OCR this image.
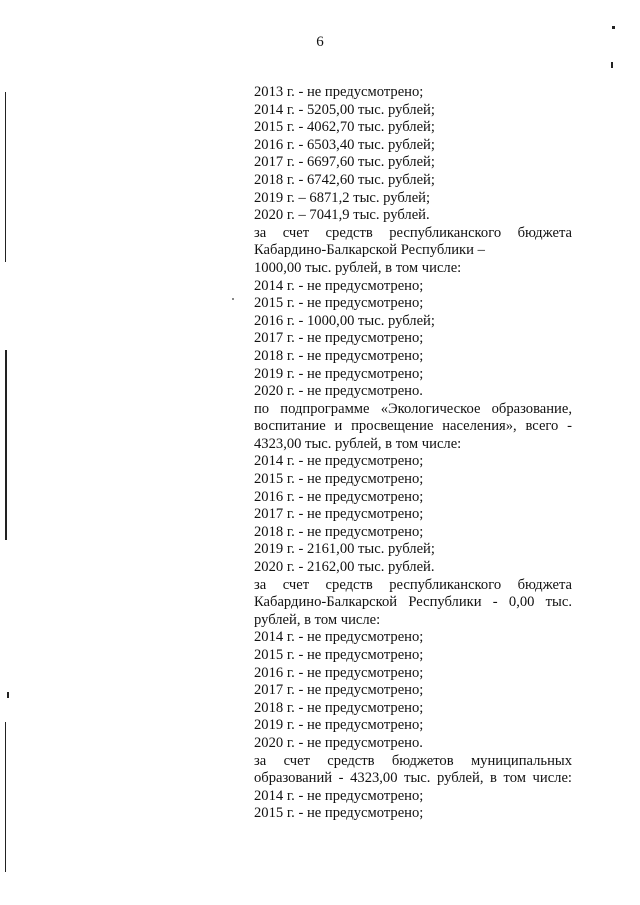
6
2013 г. - не предусмотрено;
2014 г. - 5205,00 тыс. рублей;
2015 г. - 4062,70 тыс. рублей;
2016 г. - 6503,40 тыс. рублей;
2017 г. - 6697,60 тыс. рублей;
2018 г. - 6742,60 тыс. рублей;
2019 г. – 6871,2 тыс. рублей;
2020 г. – 7041,9 тыс. рублей.
за счет средств республиканского бюджета
Кабардино-Балкарской Республики –
1000,00 тыс. рублей, в том числе:
2014 г. - не предусмотрено;
2015 г. - не предусмотрено;
2016 г. - 1000,00 тыс. рублей;
2017 г. - не предусмотрено;
2018 г. - не предусмотрено;
2019 г. - не предусмотрено;
2020 г. - не предусмотрено.
по подпрограмме «Экологическое образование,
воспитание и просвещение населения», всего -
4323,00 тыс. рублей, в том числе:
2014 г. - не предусмотрено;
2015 г. - не предусмотрено;
2016 г. - не предусмотрено;
2017 г. - не предусмотрено;
2018 г. - не предусмотрено;
2019 г. - 2161,00 тыс. рублей;
2020 г. - 2162,00 тыс. рублей.
за счет средств республиканского бюджета
Кабардино-Балкарской Республики - 0,00 тыс.
рублей, в том числе:
2014 г. - не предусмотрено;
2015 г. - не предусмотрено;
2016 г. - не предусмотрено;
2017 г. - не предусмотрено;
2018 г. - не предусмотрено;
2019 г. - не предусмотрено;
2020 г. - не предусмотрено.
за счет средств бюджетов муниципальных
образований - 4323,00 тыс. рублей, в том числе:
2014 г. - не предусмотрено;
2015 г. - не предусмотрено;
